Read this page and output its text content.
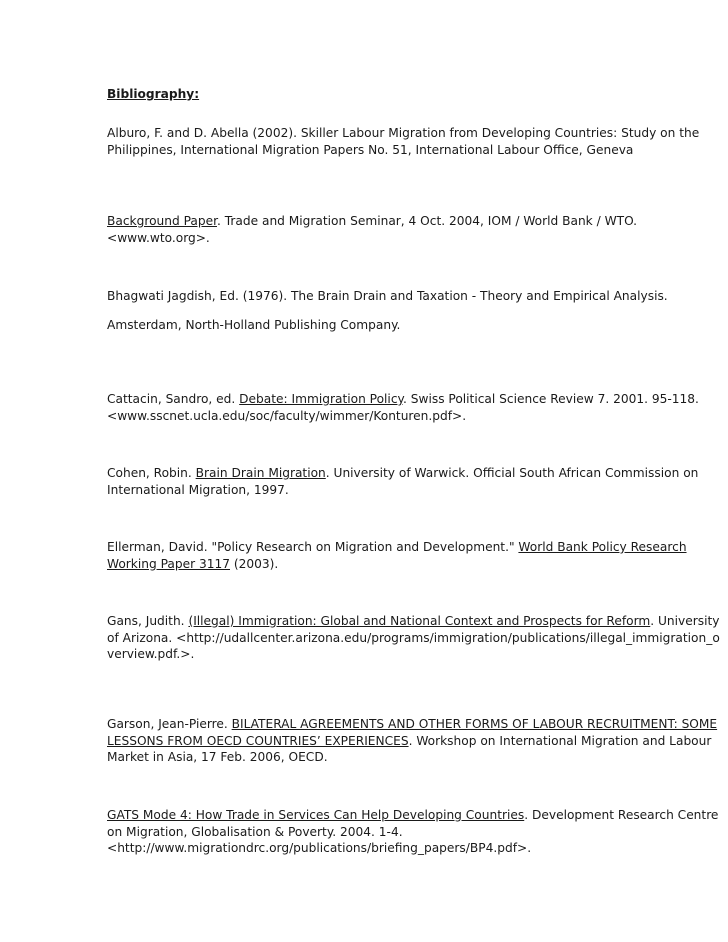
Bibliography:

Alburo, F. and D. Abella (2002). Skiller Labour Migration from Developing Countries: Study on the Philippines, International Migration Papers No. 51, International Labour Office, Geneva

Background Paper. Trade and Migration Seminar, 4 Oct. 2004, IOM / World Bank / WTO. <www.wto.org>.

Bhagwati Jagdish, Ed. (1976). The Brain Drain and Taxation - Theory and Empirical Analysis.

Amsterdam, North-Holland Publishing Company.

Cattacin, Sandro, ed. Debate: Immigration Policy. Swiss Political Science Review 7. 2001. 95-118. <www.sscnet.ucla.edu/soc/faculty/wimmer/Konturen.pdf>.

Cohen, Robin. Brain Drain Migration. University of Warwick. Official South African Commission on International Migration, 1997.

Ellerman, David. "Policy Research on Migration and Development." World Bank Policy Research Working Paper 3117 (2003).

Gans, Judith. (Illegal) Immigration: Global and National Context and Prospects for Reform. University of Arizona. <http://udallcenter.arizona.edu/programs/immigration/publications/illegal_immigration_overview.pdf.>.

Garson, Jean-Pierre. BILATERAL AGREEMENTS AND OTHER FORMS OF LABOUR RECRUITMENT: SOME LESSONS FROM OECD COUNTRIES’ EXPERIENCES. Workshop on International Migration and Labour Market in Asia, 17 Feb. 2006, OECD.

GATS Mode 4: How Trade in Services Can Help Developing Countries. Development Research Centre on Migration, Globalisation & Poverty. 2004. 1-4. <http://www.migrationdrc.org/publications/briefing_papers/BP4.pdf>.
